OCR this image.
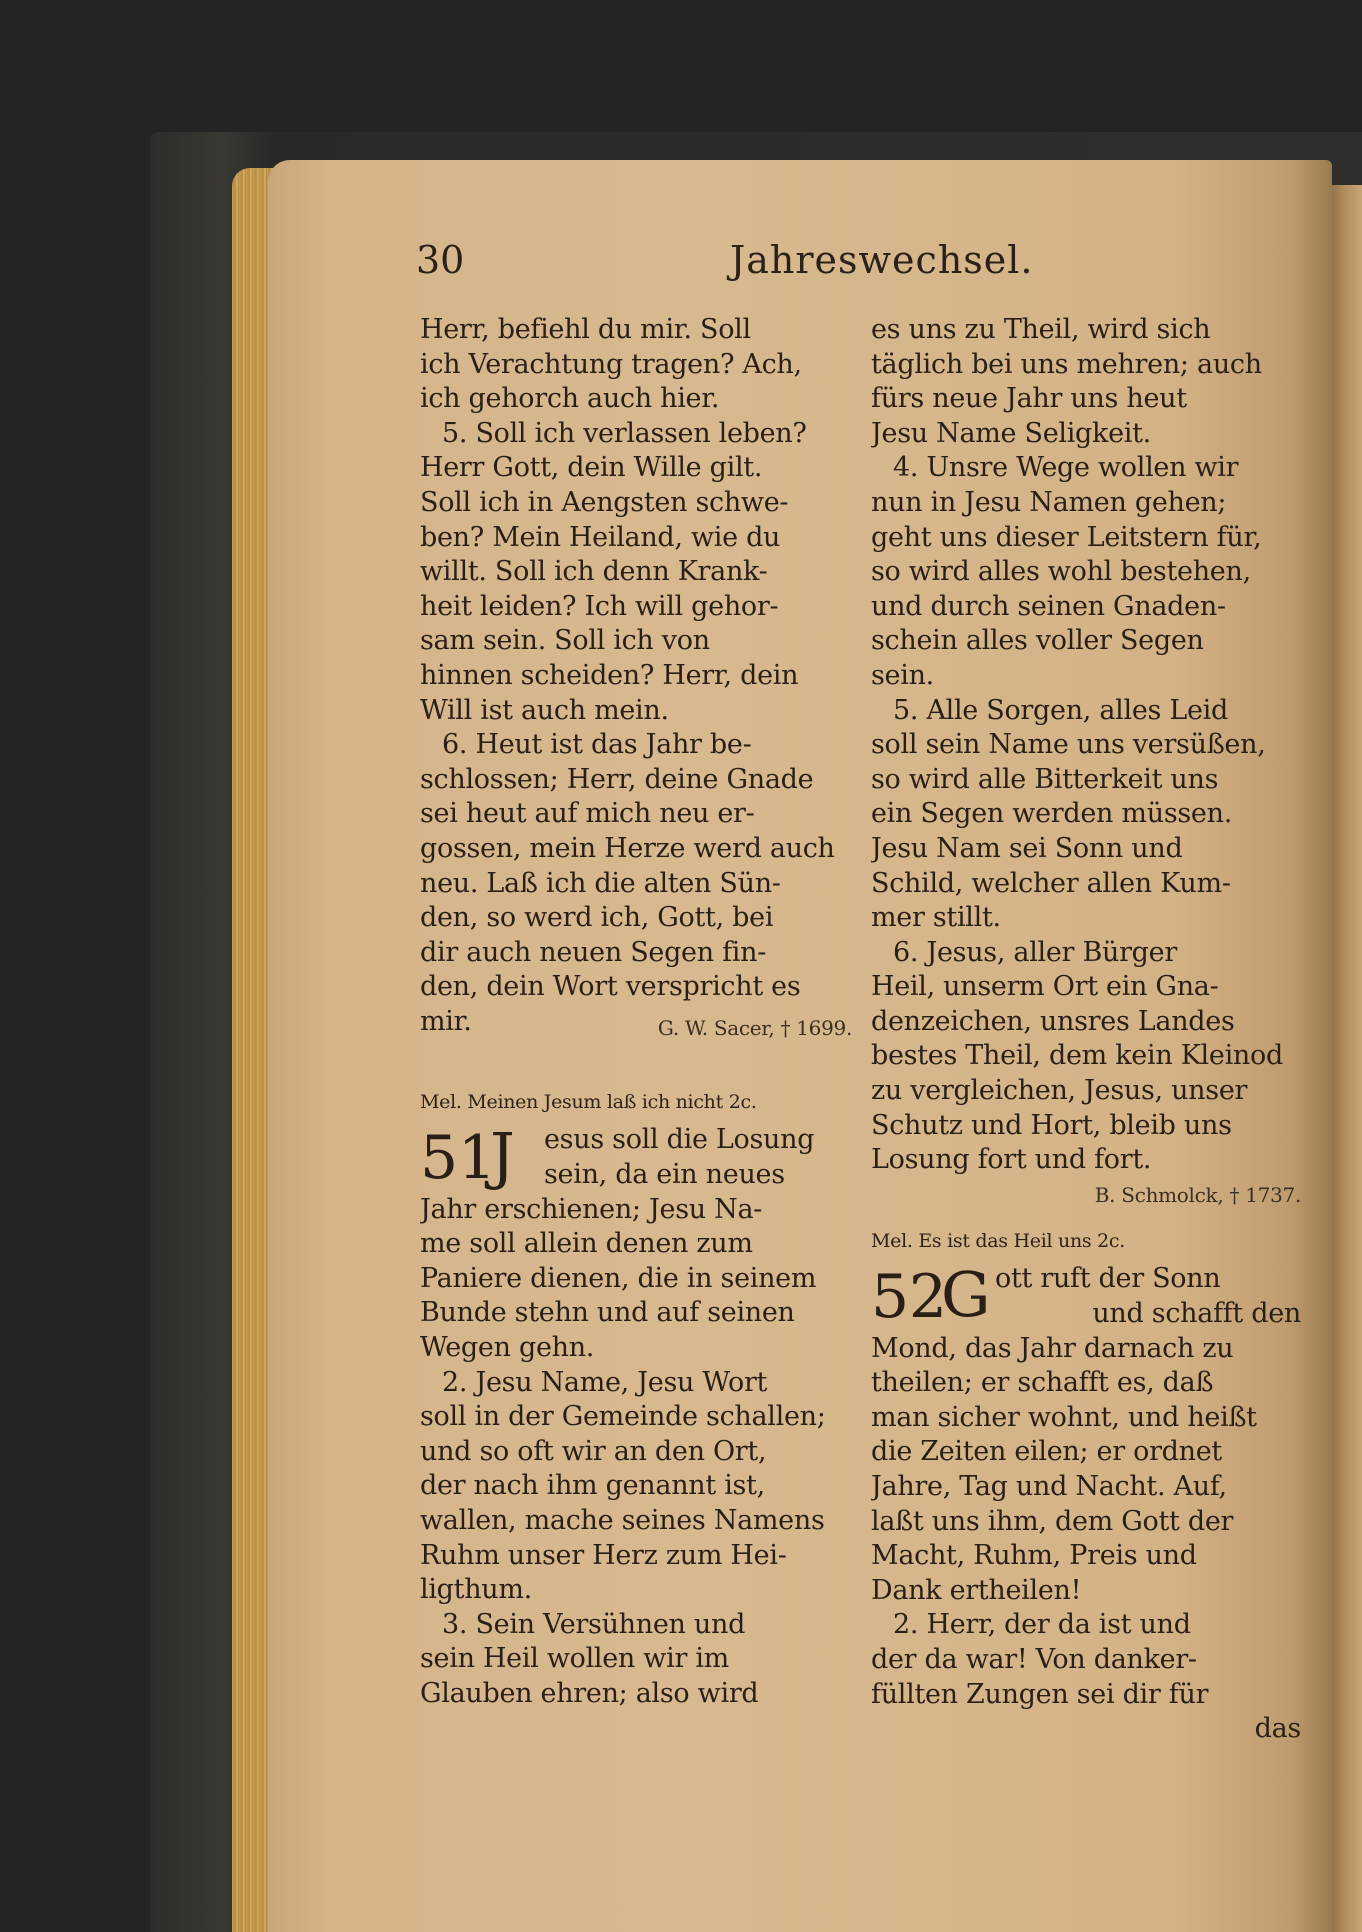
30	Jahreswechsel.
Herr, befiehl du mir. Soll
ich Verachtung tragen? Ach,
ich gehorch auch hier.
5. Soll ich verlassen leben?
Herr Gott, dein Wille gilt.
Soll ich in Aengsten schwe-
ben? Mein Heiland, wie du
willt. Soll ich denn Krank-
heit leiden? Ich will gehor-
sam sein. Soll ich von
hinnen scheiden? Herr, dein
Will ist auch mein.
6. Heut ist das Jahr be-
schlossen; Herr, deine Gnade
sei heut auf mich neu er-
gossen, mein Herze werd auch
neu. Laß ich die alten Sün-
den, so werd ich, Gott, bei
dir auch neuen Segen fin-
den, dein Wort verspricht es
mir.	G. W. Sacer, † 1699.
Mel. Meinen Jesum laß ich nicht 2c.
51
J	esus soll die Losung
sein, da ein neues
Jahr erschienen; Jesu Na-
me soll allein denen zum
Paniere dienen, die in seinem
Bunde stehn und auf seinen
Wegen gehn.
2. Jesu Name, Jesu Wort
soll in der Gemeinde schallen;
und so oft wir an den Ort,
der nach ihm genannt ist,
wallen, mache seines Namens
Ruhm unser Herz zum Hei-
ligthum.
3. Sein Versühnen und
sein Heil wollen wir im
Glauben ehren; also wird
es uns zu Theil, wird sich
täglich bei uns mehren; auch
fürs neue Jahr uns heut
Jesu Name Seligkeit.
4. Unsre Wege wollen wir
nun in Jesu Namen gehen;
geht uns dieser Leitstern für,
so wird alles wohl bestehen,
und durch seinen Gnaden-
schein alles voller Segen
sein.
5. Alle Sorgen, alles Leid
soll sein Name uns versüßen,
so wird alle Bitterkeit uns
ein Segen werden müssen.
Jesu Nam sei Sonn und
Schild, welcher allen Kum-
mer stillt.
6. Jesus, aller Bürger
Heil, unserm Ort ein Gna-
denzeichen, unsres Landes
bestes Theil, dem kein Kleinod
zu vergleichen, Jesus, unser
Schutz und Hort, bleib uns
Losung fort und fort.
B. Schmolck, † 1737.
Mel. Es ist das Heil uns 2c.
52
G ott ruft der Sonn
und schafft den
Mond, das Jahr darnach zu
theilen; er schafft es, daß
man sicher wohnt, und heißt
die Zeiten eilen; er ordnet
Jahre, Tag und Nacht. Auf,
laßt uns ihm, dem Gott der
Macht, Ruhm, Preis und
Dank ertheilen!
2. Herr, der da ist und
der da war! Von danker-
füllten Zungen sei dir für
das
